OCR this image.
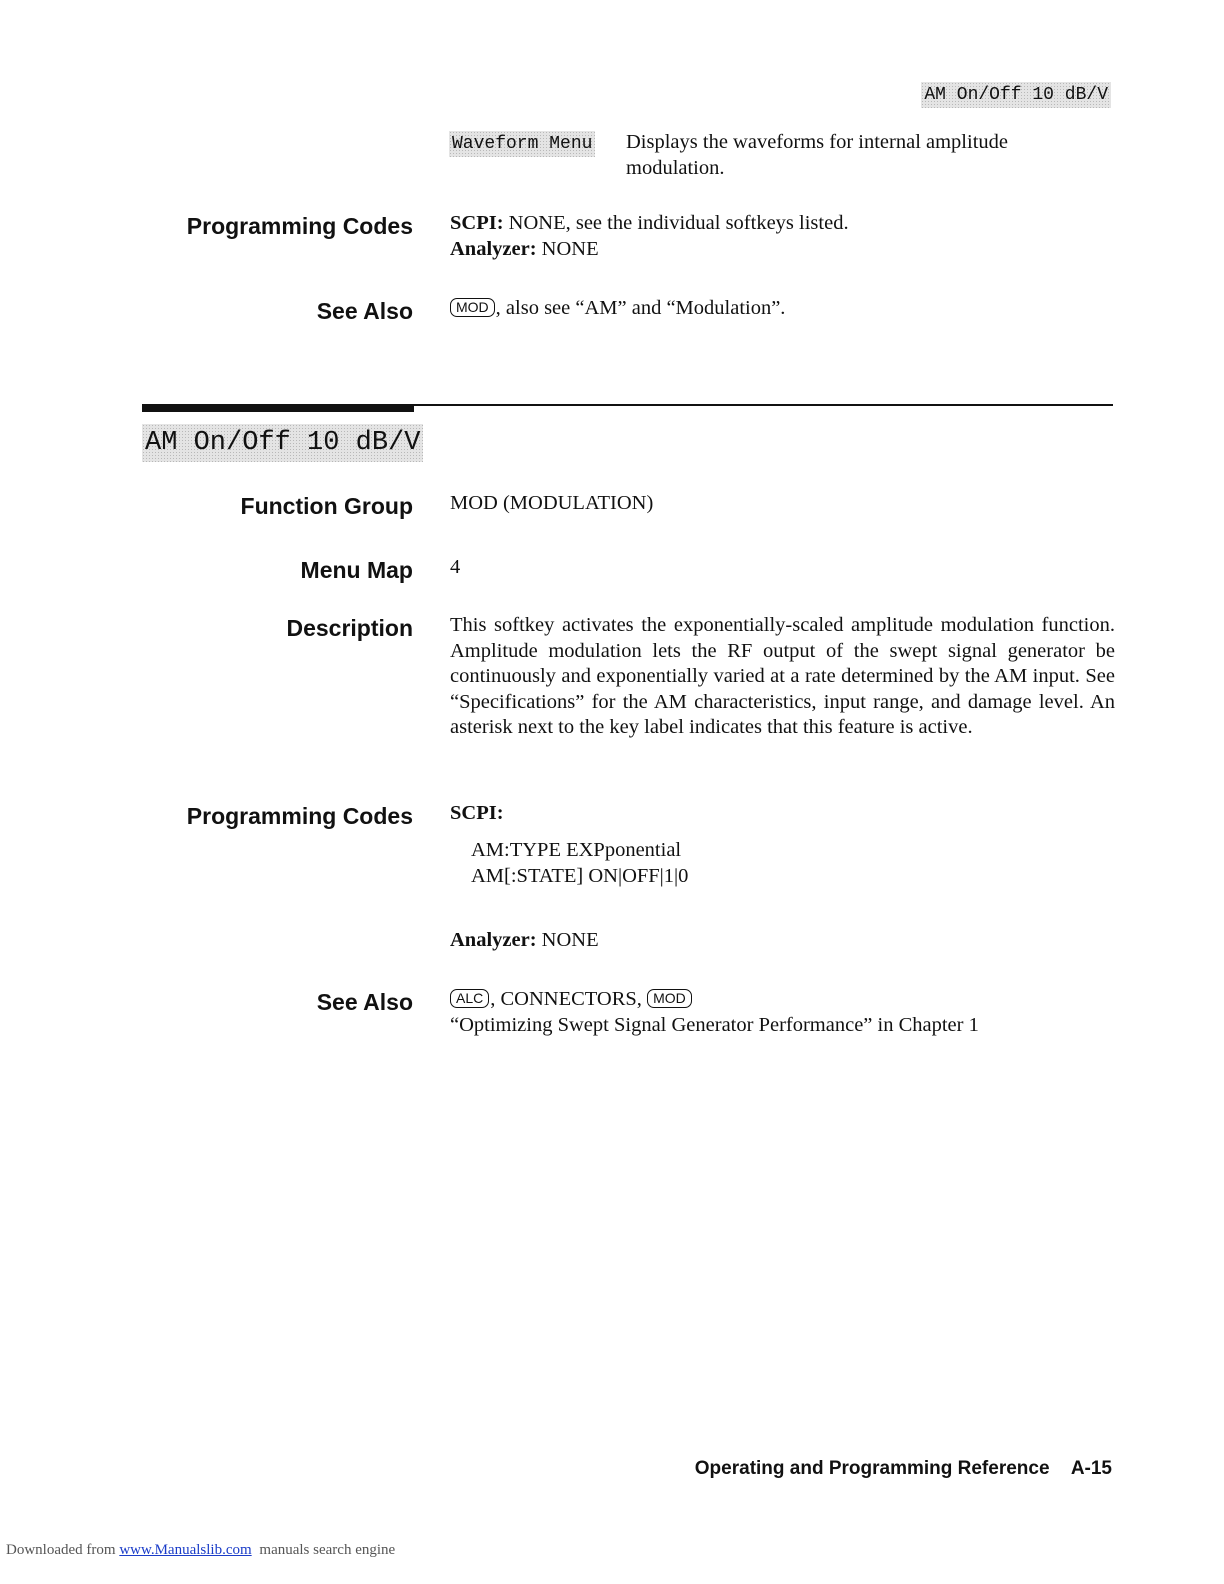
AM On/Off 10 dB/V
Waveform Menu Displays the waveforms for internal amplitude modulation.
Programming Codes SCPI: NONE, see the individual softkeys listed.
Analyzer: NONE
See Also	MOD , also see “AM” and “Modulation”.
AM On/Off 10 dB/V
Function Group MOD (MODULATION)
Menu Map 4
Description This softkey activates the exponentially-scaled amplitude modulation function. Amplitude modulation lets the RF output of the swept signal generator be continuously and exponentially varied at a rate determined by the AM input. See “Specifications” for the AM characteristics, input range, and damage level. An asterisk next to the key label indicates that this feature is active.
Programming Codes SCPI:
AM:TYPE EXPponential
AM[:STATE] ON|OFF|1|0
Analyzer: NONE
See Also	ALC , CONNECTORS, MOD
“Optimizing Swept Signal Generator Performance” in Chapter 1
Operating and Programming Reference A-15
Downloaded from www.Manualslib.com manuals search engine
